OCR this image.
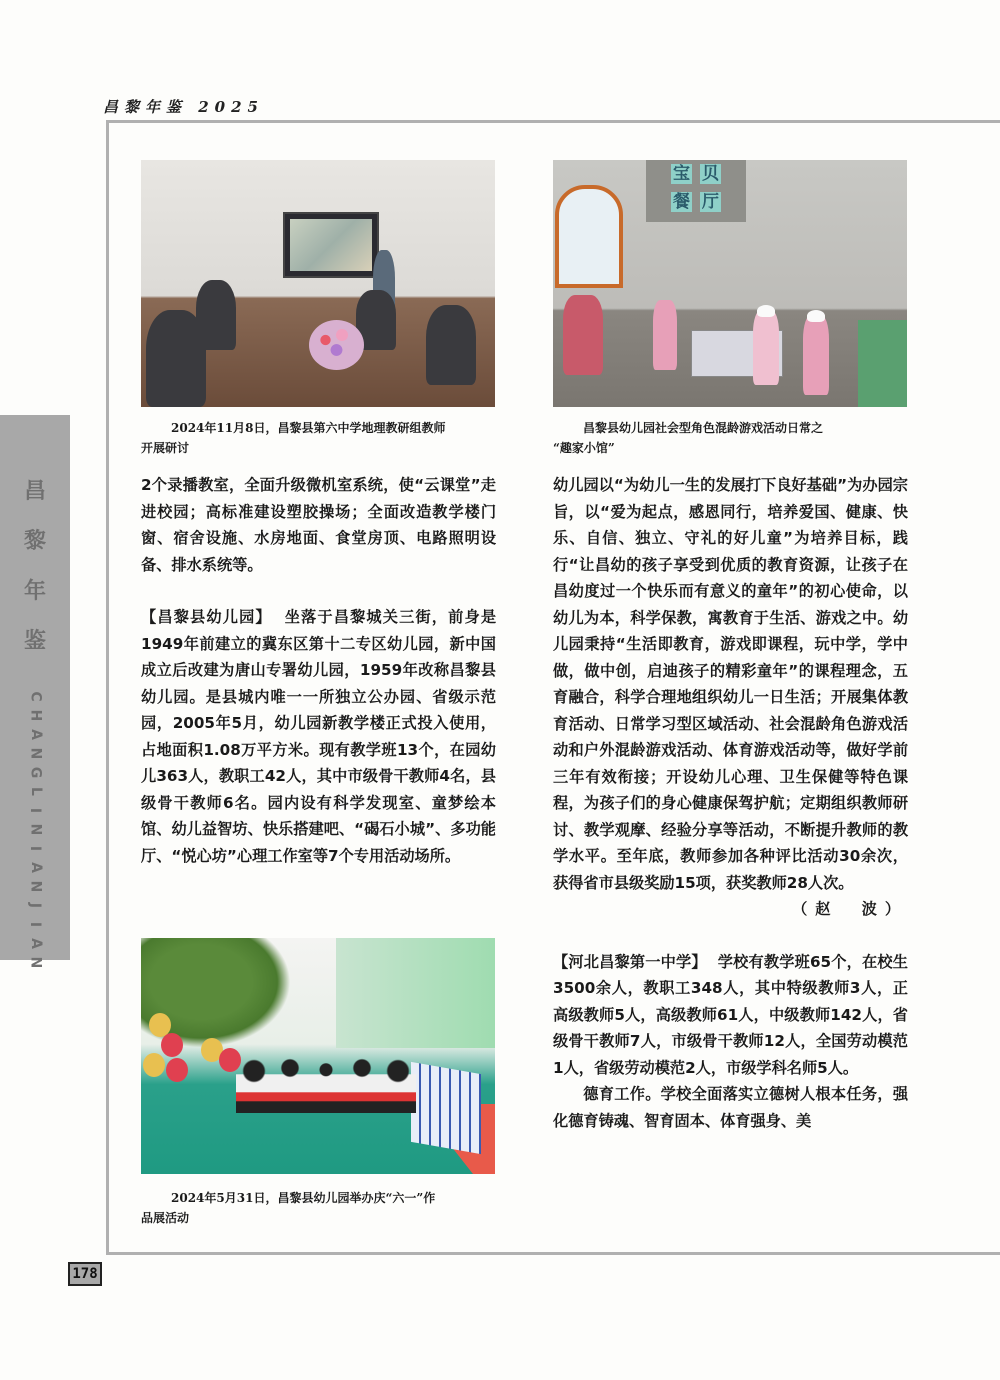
昌黎年鉴 2025
昌
黎
年
鉴
C
H
A
N
G
L
I
N
I
A
N
J
I
A
N
2024年11月8日，昌黎县第六中学地理教研组教师
开展研讨
宝 贝
餐 厅
昌黎县幼儿园社会型角色混龄游戏活动日常之
“趣家小馆”
2024年5月31日，昌黎县幼儿园举办庆“六一”作
品展活动

2个录播教室，全面升级微机室系统，使“云课堂”走进校园；高标准建设塑胶操场；全面改造教学楼门窗、宿舍设施、水房地面、食堂房顶、电路照明设备、排水系统等。

【昌黎县幼儿园】 坐落于昌黎城关三街，前身是1949年前建立的冀东区第十二专区幼儿园，新中国成立后改建为唐山专署幼儿园，1959年改称昌黎县幼儿园。是县城内唯一一所独立公办园、省级示范园，2005年5月，幼儿园新教学楼正式投入使用，占地面积1.08万平方米。现有教学班13个，在园幼儿363人，教职工42人，其中市级骨干教师4名，县级骨干教师6名。园内设有科学发现室、童梦绘本馆、幼儿益智坊、快乐搭建吧、“碣石小城”、多功能厅、“悦心坊”心理工作室等7个专用活动场所。

幼儿园以“为幼儿一生的发展打下良好基础”为办园宗旨，以“爱为起点，感恩同行，培养爱国、健康、快乐、自信、独立、守礼的好儿童”为培养目标，践行“让昌幼的孩子享受到优质的教育资源，让孩子在昌幼度过一个快乐而有意义的童年”的初心使命，以幼儿为本，科学保教，寓教育于生活、游戏之中。幼儿园秉持“生活即教育，游戏即课程，玩中学，学中做，做中创，启迪孩子的精彩童年”的课程理念，五育融合，科学合理地组织幼儿一日生活；开展集体教育活动、日常学习型区域活动、社会混龄角色游戏活动和户外混龄游戏活动、体育游戏活动等，做好学前三年有效衔接；开设幼儿心理、卫生保健等特色课程，为孩子们的身心健康保驾护航；定期组织教师研讨、教学观摩、经验分享等活动，不断提升教师的教学水平。至年底，教师参加各种评比活动30余次，获得省市县级奖励15项，获奖教师28人次。

（赵　波）

【河北昌黎第一中学】 学校有教学班65个，在校生3500余人，教职工348人，其中特级教师3人，正高级教师5人，高级教师61人，中级教师142人，省级骨干教师7人，市级骨干教师12人，全国劳动模范1人，省级劳动模范2人，市级学科名师5人。

德育工作。学校全面落实立德树人根本任务，强化德育铸魂、智育固本、体育强身、美

178
